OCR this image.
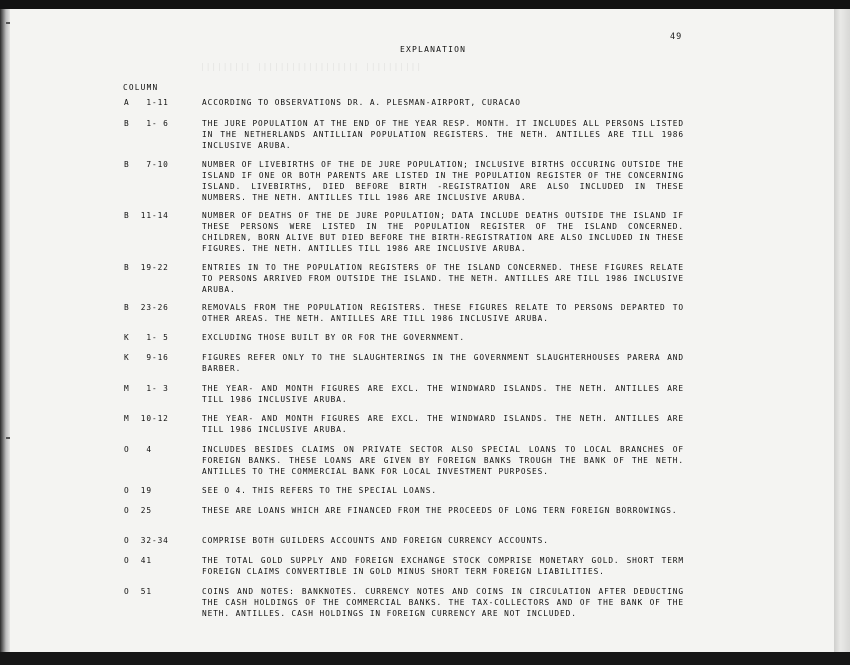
49
EXPLANATION
COLUMN
||||||||| |||||||||||||||||| ||||||||||
A   1-11	ACCORDING TO OBSERVATIONS DR. A. PLESMAN-AIRPORT, CURACAO
B   1- 6	THE JURE POPULATION AT THE END OF THE YEAR RESP. MONTH. IT INCLUDES ALL PERSONS LISTED IN THE NETHERLANDS ANTILLIAN POPULATION REGISTERS. THE NETH. ANTILLES ARE TILL 1986 INCLUSIVE ARUBA.
B   7-10	NUMBER OF LIVEBIRTHS OF THE DE JURE POPULATION; INCLUSIVE BIRTHS OCCURING OUTSIDE THE ISLAND IF ONE OR BOTH PARENTS ARE LISTED IN THE POPULATION REGISTER OF THE CONCERNING ISLAND. LIVEBIRTHS, DIED BEFORE BIRTH -REGISTRATION ARE ALSO INCLUDED IN THESE NUMBERS. THE NETH. ANTILLES TILL 1986 ARE INCLUSIVE ARUBA.
B  11-14	NUMBER OF DEATHS OF THE DE JURE POPULATION; DATA INCLUDE DEATHS OUTSIDE THE ISLAND IF THESE PERSONS WERE LISTED IN THE POPULATION REGISTER OF THE ISLAND CONCERNED. CHILDREN, BORN ALIVE BUT DIED BEFORE THE BIRTH-REGISTRATION ARE ALSO INCLUDED IN THESE FIGURES. THE NETH. ANTILLES TILL 1986 ARE INCLUSIVE ARUBA.
B  19-22	ENTRIES IN TO THE POPULATION REGISTERS OF THE ISLAND CONCERNED. THESE FIGURES RELATE TO PERSONS ARRIVED FROM OUTSIDE THE ISLAND. THE NETH. ANTILLES ARE TILL 1986 INCLUSIVE ARUBA.
B  23-26	REMOVALS FROM THE POPULATION REGISTERS. THESE FIGURES RELATE TO PERSONS DEPARTED TO OTHER AREAS. THE NETH. ANTILLES ARE TILL 1986 INCLUSIVE ARUBA.
K   1- 5	EXCLUDING THOSE BUILT BY OR FOR THE GOVERNMENT.
K   9-16	FIGURES REFER ONLY TO THE SLAUGHTERINGS IN THE GOVERNMENT SLAUGHTERHOUSES PARERA AND BARBER.
M   1- 3	THE YEAR- AND MONTH FIGURES ARE EXCL. THE WINDWARD ISLANDS. THE NETH. ANTILLES ARE TILL 1986 INCLUSIVE ARUBA.
M  10-12	THE YEAR- AND MONTH FIGURES ARE EXCL. THE WINDWARD ISLANDS. THE NETH. ANTILLES ARE TILL 1986 INCLUSIVE ARUBA.
O   4	INCLUDES BESIDES CLAIMS ON PRIVATE SECTOR ALSO SPECIAL LOANS TO LOCAL BRANCHES OF FOREIGN BANKS. THESE LOANS ARE GIVEN BY FOREIGN BANKS TROUGH THE BANK OF THE NETH. ANTILLES TO THE COMMERCIAL BANK FOR LOCAL INVESTMENT PURPOSES.
O  19	SEE O 4. THIS REFERS TO THE SPECIAL LOANS.
O  25	THESE ARE LOANS WHICH ARE FINANCED FROM THE PROCEEDS OF LONG TERN FOREIGN BORROWINGS.
O  32-34	COMPRISE BOTH GUILDERS ACCOUNTS AND FOREIGN CURRENCY ACCOUNTS.
O  41	THE TOTAL GOLD SUPPLY AND FOREIGN EXCHANGE STOCK COMPRISE MONETARY GOLD. SHORT TERM FOREIGN CLAIMS CONVERTIBLE IN GOLD MINUS SHORT TERM FOREIGN LIABILITIES.
O  51	COINS AND NOTES: BANKNOTES. CURRENCY NOTES AND COINS IN CIRCULATION AFTER DEDUCTING THE CASH HOLDINGS OF THE COMMERCIAL BANKS. THE TAX-COLLECTORS AND OF THE BANK OF THE NETH. ANTILLES. CASH HOLDINGS IN FOREIGN CURRENCY ARE NOT INCLUDED.
